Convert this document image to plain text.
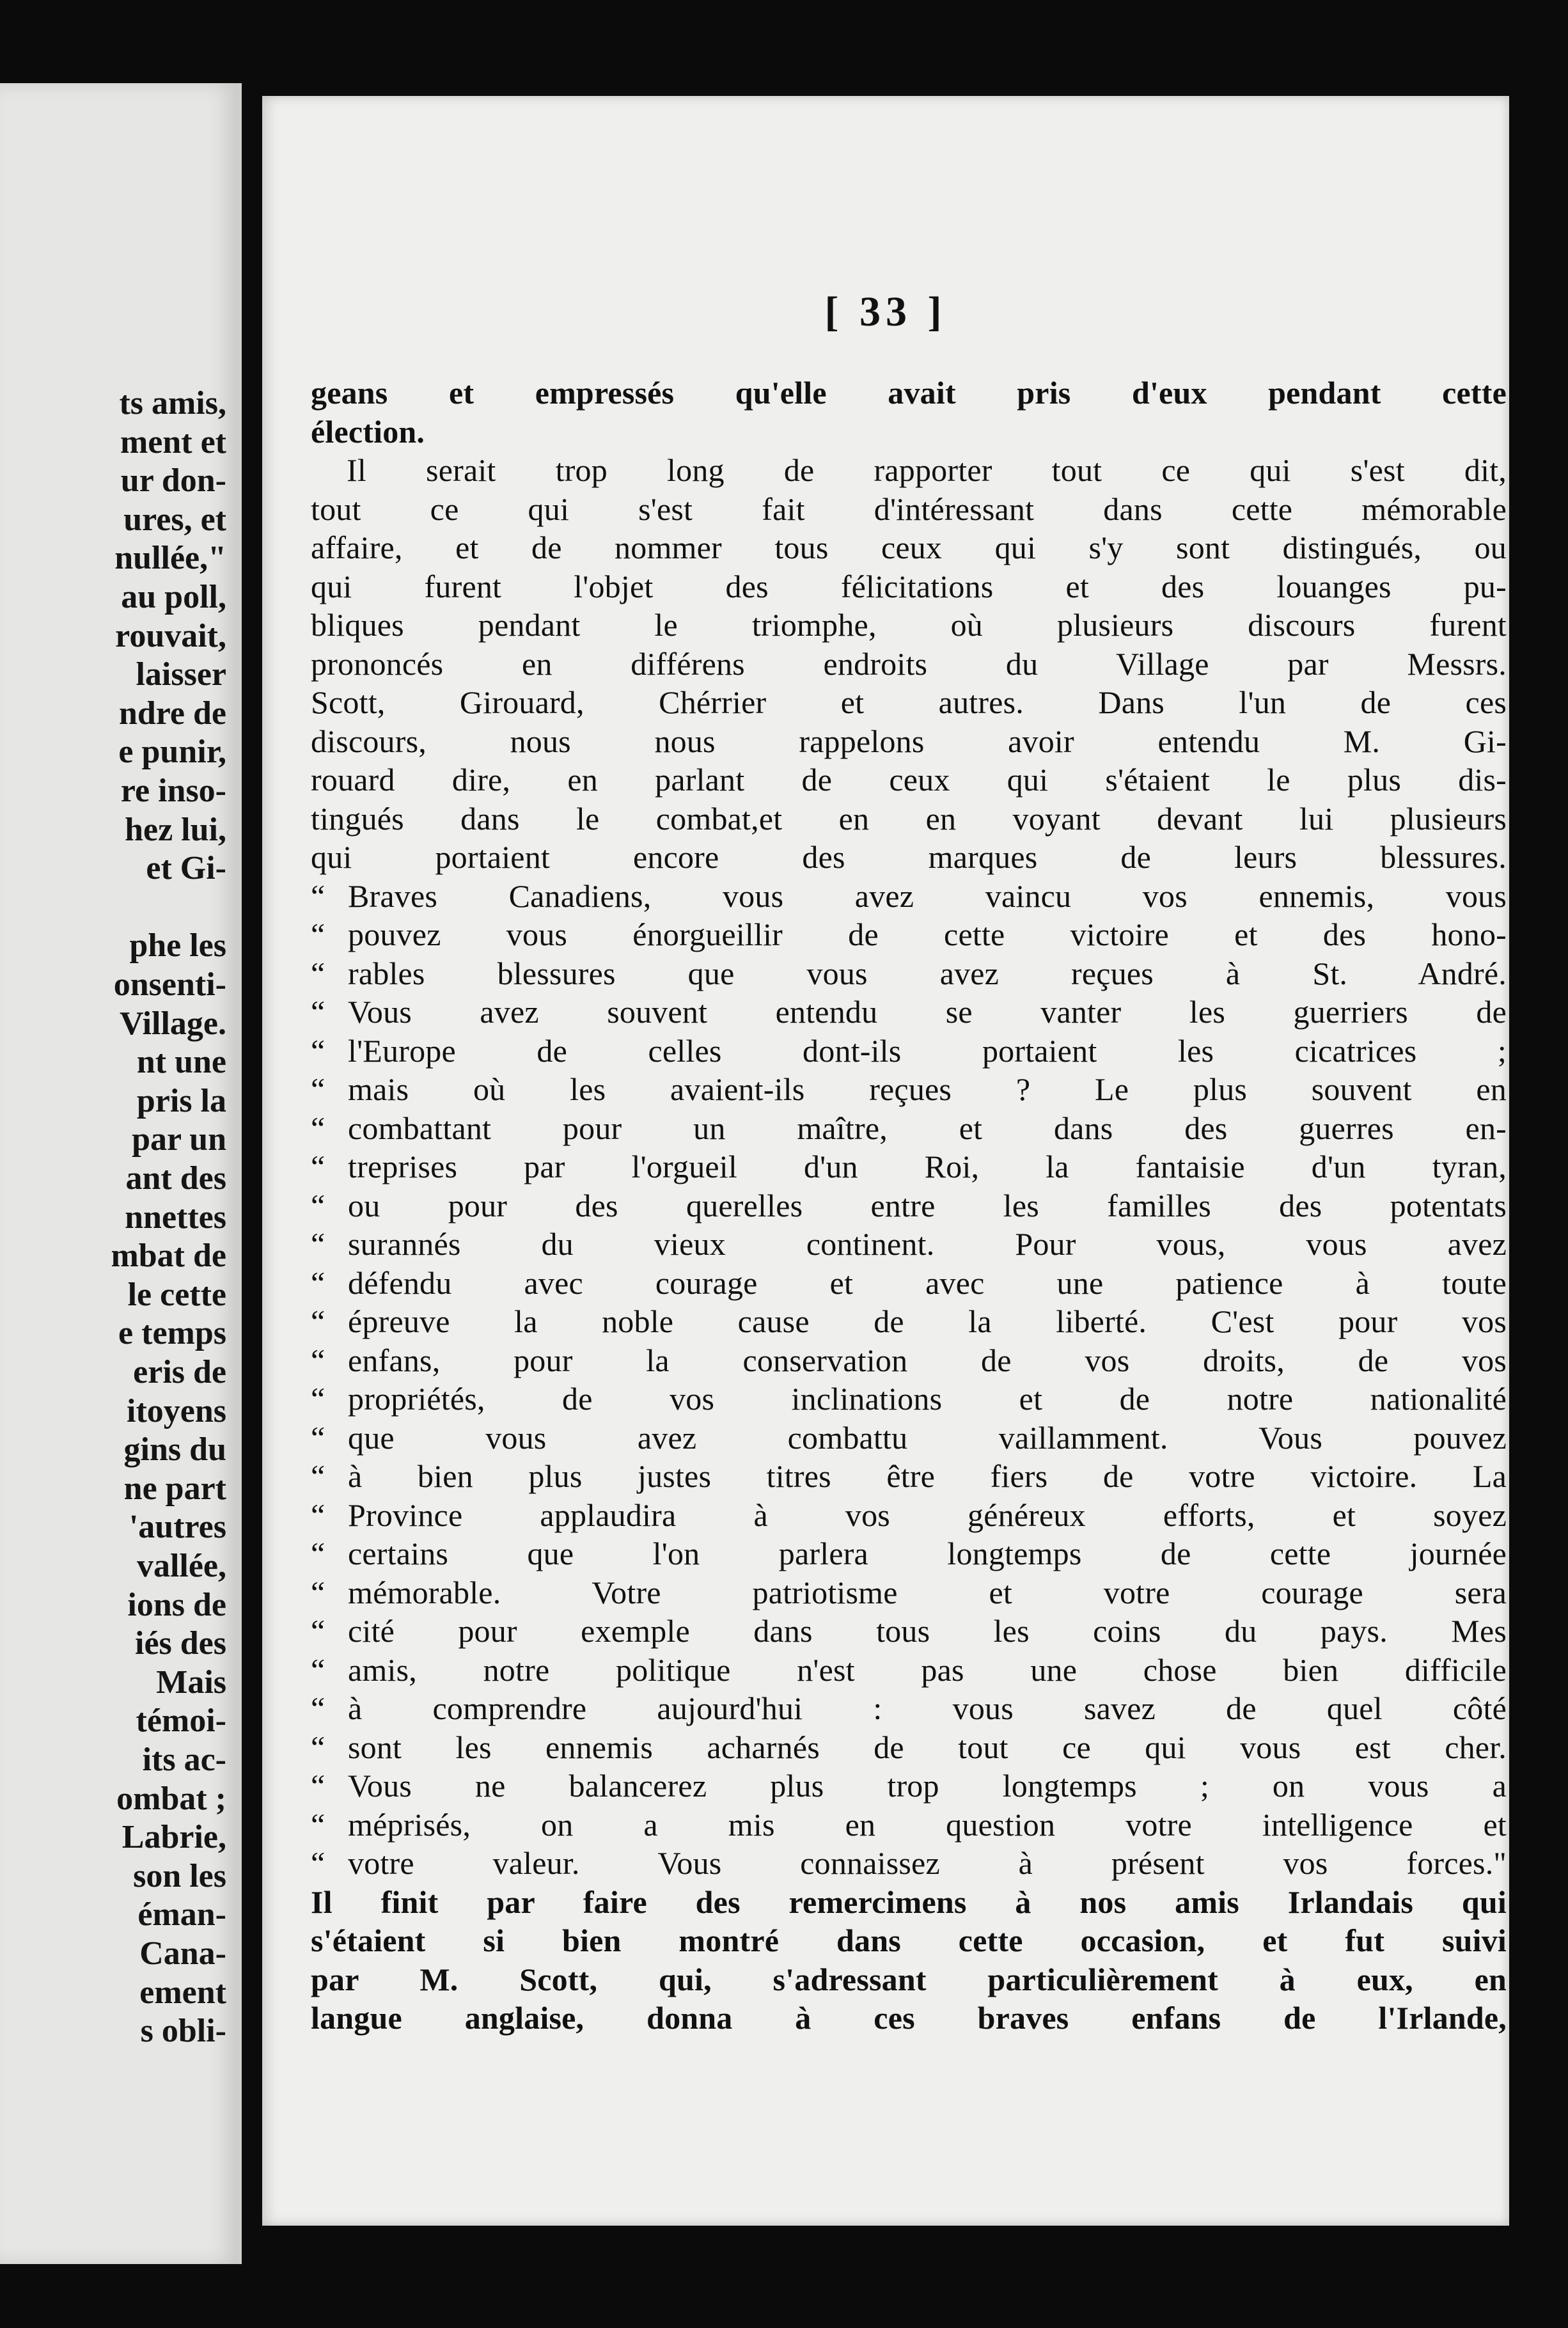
ts amis,
ment et
ur don-
ures, et
nullée,"
au poll,
rouvait,
laisser
ndre de
e punir,
re inso-
hez lui,
et Gi-
phe les
onsenti-
Village.
nt une
pris la
par un
ant des
nnettes
mbat de
le cette
e temps
eris de
itoyens
gins du
ne part
'autres
vallée,
ions de
iés des
Mais
témoi-
its ac-
ombat ;
Labrie,
son les
éman-
Cana-
ement
s obli-
[ 33 ]
geans et empressés qu'elle avait pris d'eux pendant cette
élection.
Il serait trop long de rapporter tout ce qui s'est dit,
tout ce qui s'est fait d'intéressant dans cette mémorable
affaire, et de nommer tous ceux qui s'y sont distingués, ou
qui furent l'objet des félicitations et des louanges pu-
bliques pendant le triomphe, où plusieurs discours furent
prononcés en différens endroits du Village par Messrs.
Scott, Girouard, Chérrier et autres. Dans l'un de ces
discours, nous nous rappelons avoir entendu M. Gi-
rouard dire, en parlant de ceux qui s'étaient le plus dis-
tingués dans le combat,et en en voyant devant lui plusieurs
qui portaient encore des marques de leurs blessures.
“ Braves Canadiens, vous avez vaincu vos ennemis, vous
“ pouvez vous énorgueillir de cette victoire et des hono-
“ rables blessures que vous avez reçues à St. André.
“ Vous avez souvent entendu se vanter les guerriers de
“ l'Europe de celles dont-ils portaient les cicatrices ;
“ mais où les avaient-ils reçues ? Le plus souvent en
“ combattant pour un maître, et dans des guerres en-
“ treprises par l'orgueil d'un Roi, la fantaisie d'un tyran,
“ ou pour des querelles entre les familles des potentats
“ surannés du vieux continent. Pour vous, vous avez
“ défendu avec courage et avec une patience à toute
“ épreuve la noble cause de la liberté. C'est pour vos
“ enfans, pour la conservation de vos droits, de vos
“ propriétés, de vos inclinations et de notre nationalité
“ que vous avez combattu vaillamment. Vous pouvez
“ à bien plus justes titres être fiers de votre victoire. La
“ Province applaudira à vos généreux efforts, et soyez
“ certains que l'on parlera longtemps de cette journée
“ mémorable. Votre patriotisme et votre courage sera
“ cité pour exemple dans tous les coins du pays. Mes
“ amis, notre politique n'est pas une chose bien difficile
“ à comprendre aujourd'hui : vous savez de quel côté
“ sont les ennemis acharnés de tout ce qui vous est cher.
“ Vous ne balancerez plus trop longtemps ; on vous a
“ méprisés, on a mis en question votre intelligence et
“ votre valeur. Vous connaissez à présent vos forces."
Il finit par faire des remercimens à nos amis Irlandais qui
s'étaient si bien montré dans cette occasion, et fut suivi
par M. Scott, qui, s'adressant particulièrement à eux, en
langue anglaise, donna à ces braves enfans de l'Irlande,
